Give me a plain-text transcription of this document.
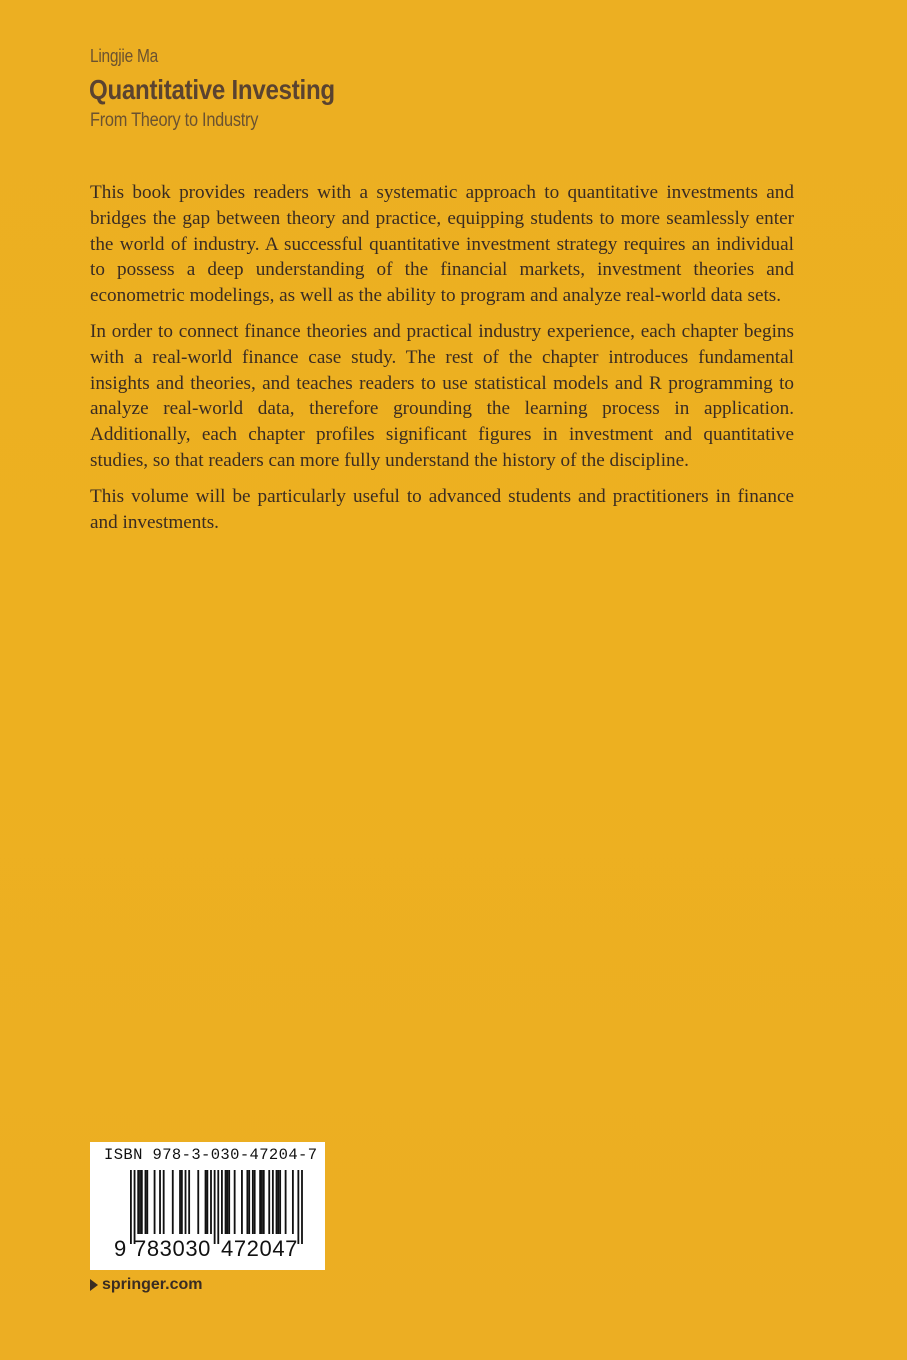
Lingjie Ma
Quantitative Investing
From Theory to Industry

This book provides readers with a systematic approach to quantitative investments and bridges the gap between theory and practice, equipping students to more seamlessly enter the world of industry. A successful quantitative investment strategy requires an individual to possess a deep understanding of the financial markets, investment theories and econometric modelings, as well as the ability to program and analyze real-world data sets.

In order to connect finance theories and practical industry experience, each chapter begins with a real-world finance case study. The rest of the chapter introduces fundamental insights and theories, and teaches readers to use statistical models and R programming to analyze real-world data, therefore grounding the learning process in application. Additionally, each chapter profiles significant figures in investment and quantitative studies, so that readers can more fully understand the history of the discipline.

This volume will be particularly useful to advanced students and practitioners in finance and investments.

ISBN 978-3-030-47204-7
9 783030 472047
springer.com
